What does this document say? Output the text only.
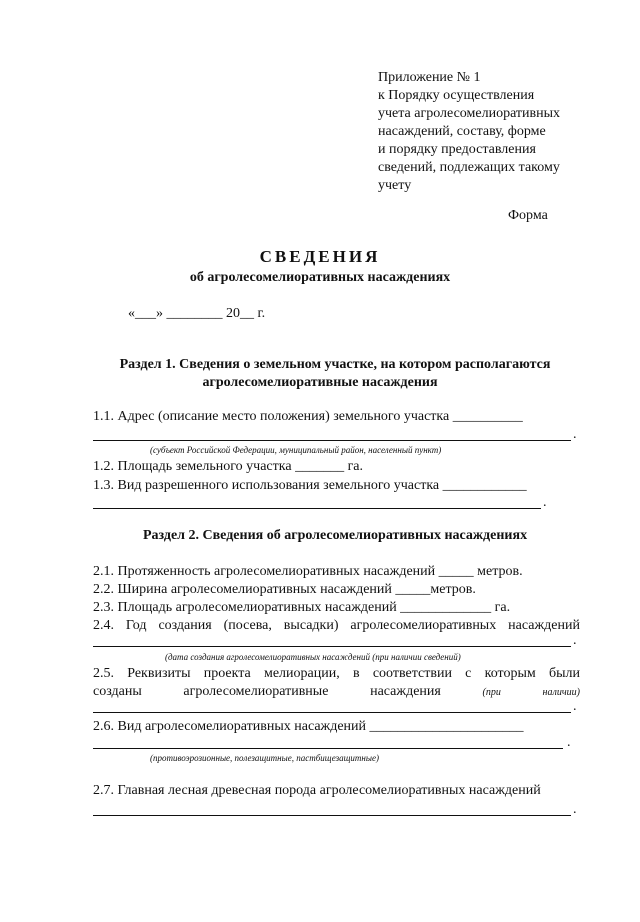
Приложение № 1
к Порядку осуществления
учета агролесомелиоративных
насаждений, составу, форме
и порядку предоставления
сведений, подлежащих такому
учету
Форма
СВЕДЕНИЯ
об агролесомелиоративных насаждениях
«___» ________ 20__ г.
Раздел 1. Сведения о земельном участке, на котором располагаются
агролесомелиоративные насаждения
1.1. Адрес (описание место положения) земельного участка __________
.
(субъект Российской Федерации, муниципальный район, населенный пункт)
1.2. Площадь земельного участка _______ га.
1.3. Вид разрешенного использования земельного участка ____________
.
Раздел 2. Сведения об агролесомелиоративных насаждениях
2.1. Протяженность агролесомелиоративных насаждений _____ метров.
2.2. Ширина агролесомелиоративных насаждений _____метров.
2.3. Площадь агролесомелиоративных насаждений _____________ га.
2.4. Год создания (посева, высадки) агролесомелиоративных насаждений
.
(дата создания агролесомелиоративных насаждений (при наличии сведений)
2.5. Реквизиты проекта мелиорации, в соответствии с которым были
созданы	агролесомелиоративные	насаждения	(при	наличии)
.
2.6. Вид агролесомелиоративных насаждений ______________________
.
(противоэрозионные, полезащитные, пастбищезащитные)
2.7. Главная лесная древесная порода агролесомелиоративных насаждений
.
